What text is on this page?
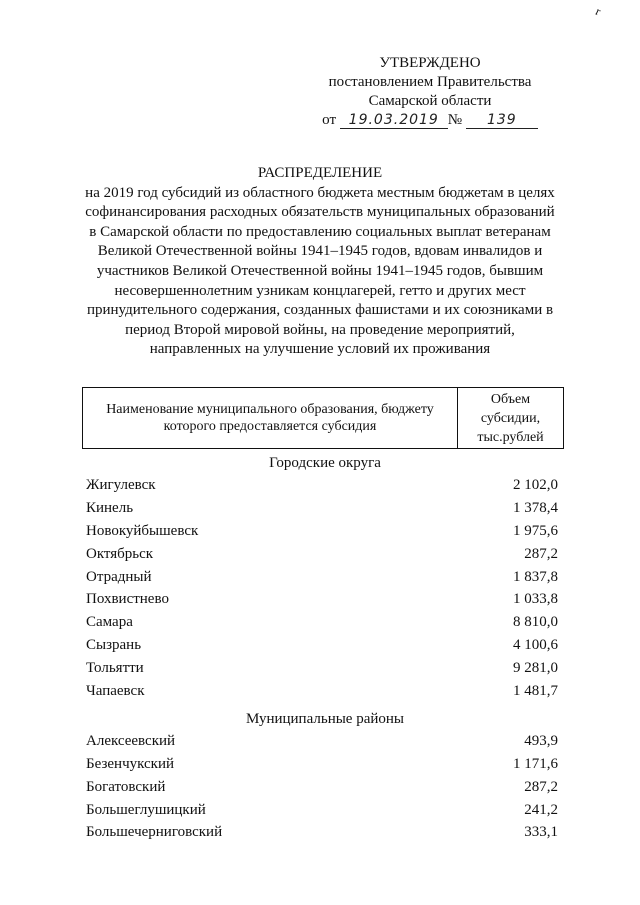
r
УТВЕРЖДЕНО
постановлением Правительства
Самарской области
от 19.03.2019 № 139
РАСПРЕДЕЛЕНИЕ
на 2019 год субсидий из областного бюджета местным бюджетам в целях
софинансирования расходных обязательств муниципальных образований
в Самарской области по предоставлению социальных выплат ветеранам
Великой Отечественной войны 1941–1945 годов, вдовам инвалидов и
участников Великой Отечественной войны 1941–1945 годов, бывшим
несовершеннолетним узникам концлагерей, гетто и других мест
принудительного содержания, созданных фашистами и их союзниками в
период Второй мировой войны, на проведение мероприятий,
направленных на улучшение условий их проживания
Наименование муниципального образования, бюджету которого предоставляется субсидия
Объем
субсидии,
тыс.рублей
Городские округа
Жигулевск	2 102,0
Кинель	1 378,4
Новокуйбышевск	1 975,6
Октябрьск	287,2
Отрадный	1 837,8
Похвистнево	1 033,8
Самара	8 810,0
Сызрань	4 100,6
Тольятти	9 281,0
Чапаевск	1 481,7
Муниципальные районы
Алексеевский	493,9
Безенчукский	1 171,6
Богатовский	287,2
Большеглушицкий	241,2
Большечерниговский	333,1
